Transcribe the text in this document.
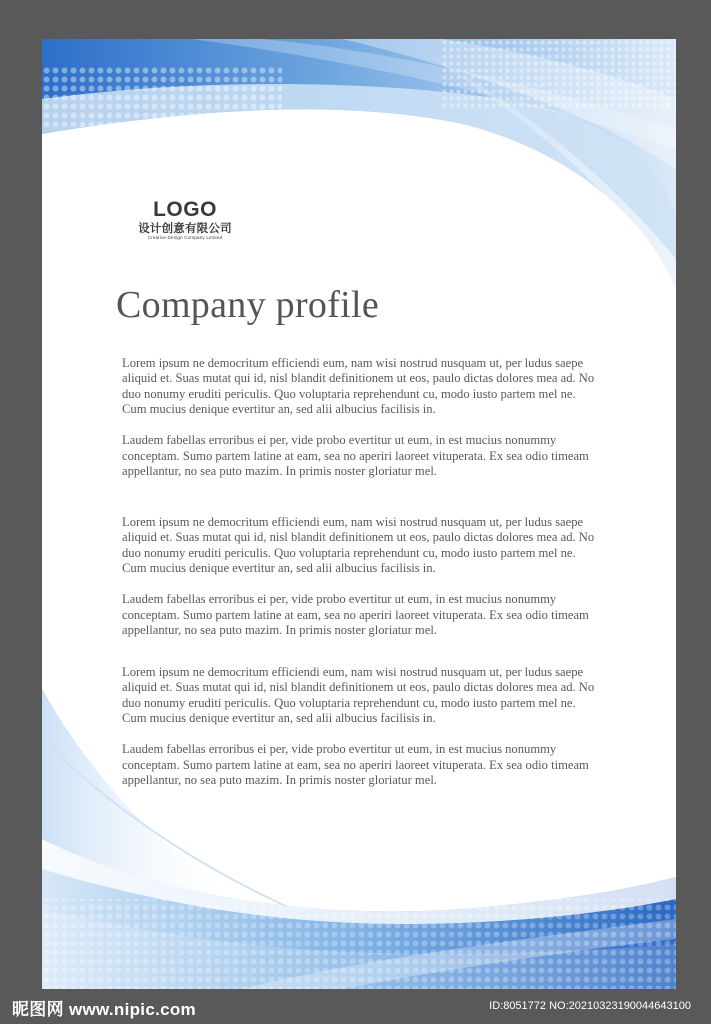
LOGO
设计创意有限公司
Creative Design Company Limited
Company profile

Lorem ipsum ne democritum efficiendi eum, nam wisi nostrud nusquam ut, per ludus saepe aliquid et. Suas mutat qui id, nisl blandit definitionem ut eos, paulo dictas dolores mea ad. No duo nonumy eruditi periculis. Quo voluptaria reprehendunt cu, modo iusto partem mel ne. Cum mucius denique evertitur an, sed alii albucius facilisis in.

Laudem fabellas erroribus ei per, vide probo evertitur ut eum, in est mucius nonummy conceptam. Sumo partem latine at eam, sea no aperiri laoreet vituperata. Ex sea odio timeam appellantur, no sea puto mazim. In primis noster gloriatur mel.

Lorem ipsum ne democritum efficiendi eum, nam wisi nostrud nusquam ut, per ludus saepe aliquid et. Suas mutat qui id, nisl blandit definitionem ut eos, paulo dictas dolores mea ad. No duo nonumy eruditi periculis. Quo voluptaria reprehendunt cu, modo iusto partem mel ne. Cum mucius denique evertitur an, sed alii albucius facilisis in.

Laudem fabellas erroribus ei per, vide probo evertitur ut eum, in est mucius nonummy conceptam. Sumo partem latine at eam, sea no aperiri laoreet vituperata. Ex sea odio timeam appellantur, no sea puto mazim. In primis noster gloriatur mel.

Lorem ipsum ne democritum efficiendi eum, nam wisi nostrud nusquam ut, per ludus saepe aliquid et. Suas mutat qui id, nisl blandit definitionem ut eos, paulo dictas dolores mea ad. No duo nonumy eruditi periculis. Quo voluptaria reprehendunt cu, modo iusto partem mel ne. Cum mucius denique evertitur an, sed alii albucius facilisis in.

Laudem fabellas erroribus ei per, vide probo evertitur ut eum, in est mucius nonummy conceptam. Sumo partem latine at eam, sea no aperiri laoreet vituperata. Ex sea odio timeam appellantur, no sea puto mazim. In primis noster gloriatur mel.

昵图网 www.nipic.com	ID:8051772 NO:20210323190044643100
